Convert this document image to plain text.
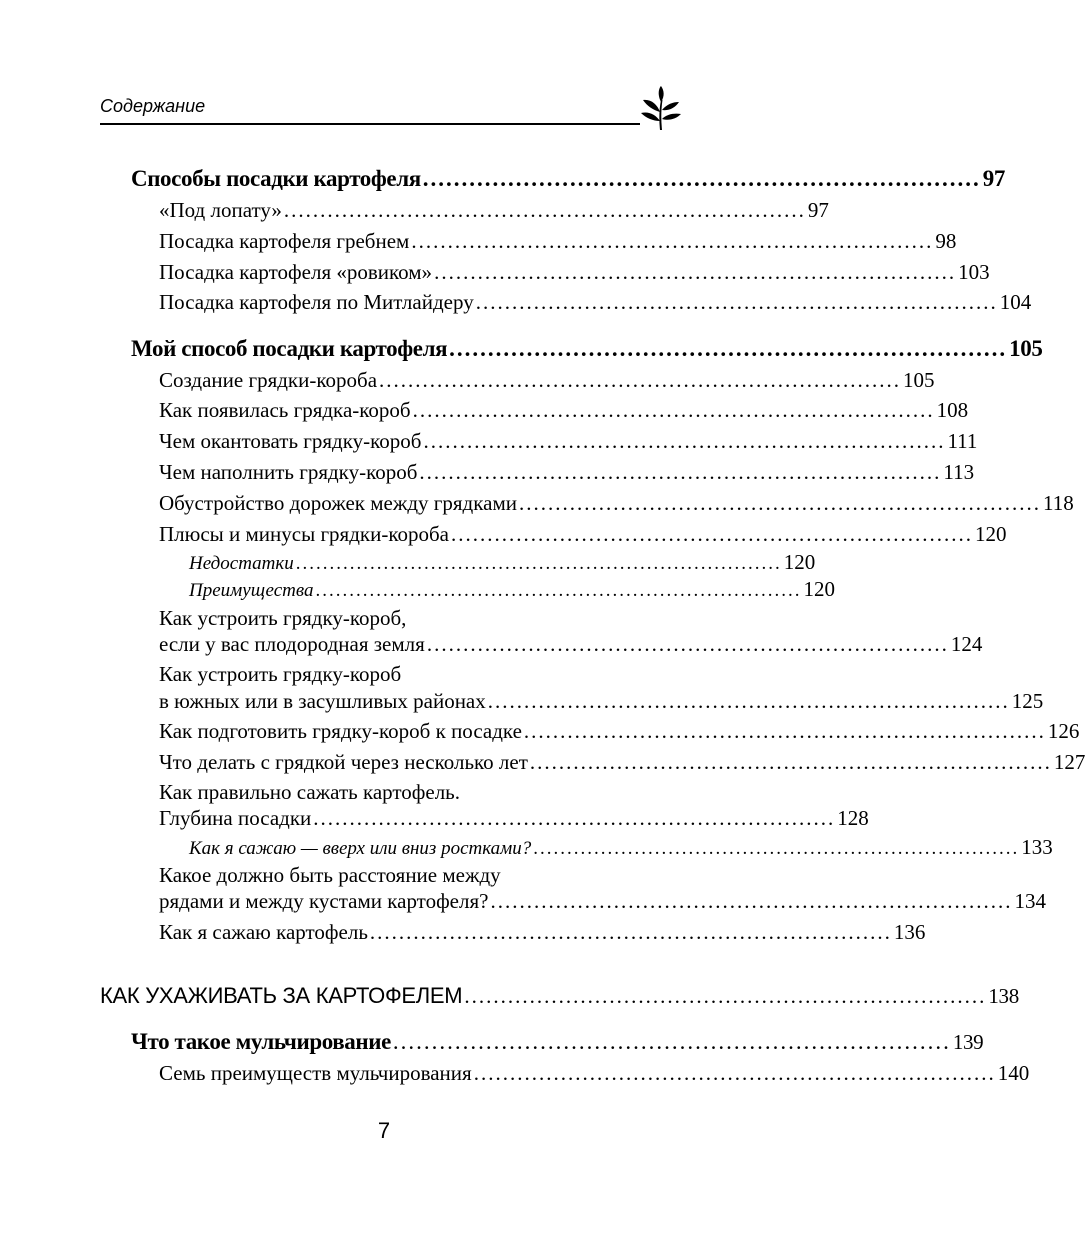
Содержание
Способы посадки картофеля ........................................................................ 97
«Под лопату» ........................................................................ 97
Посадка картофеля гребнем ........................................................................ 98
Посадка картофеля «ровиком» ........................................................................ 103
Посадка картофеля по Митлайдеру ........................................................................ 104
Мой способ посадки картофеля ........................................................................ 105
Создание грядки-короба ........................................................................ 105
Как появилась грядка-короб ........................................................................ 108
Чем окантовать грядку-короб ........................................................................ 111
Чем наполнить грядку-короб ........................................................................ 113
Обустройство дорожек между грядками ........................................................................ 118
Плюсы и минусы грядки-короба ........................................................................ 120
Недостатки ........................................................................ 120
Преимущества ........................................................................ 120
Как устроить грядку-короб,
если у вас плодородная земля ........................................................................ 124
Как устроить грядку-короб
в южных или в засушливых районах ........................................................................ 125
Как подготовить грядку-короб к посадке ........................................................................ 126
Что делать с грядкой через несколько лет ........................................................................ 127
Как правильно сажать картофель.
Глубина посадки ........................................................................ 128
Как я сажаю — вверх или вниз ростками? ........................................................................ 133
Какое должно быть расстояние между
рядами и между кустами картофеля? ........................................................................ 134
Как я сажаю картофель ........................................................................ 136
КАК УХАЖИВАТЬ ЗА КАРТОФЕЛЕМ ........................................................................ 138
Что такое мульчирование ........................................................................ 139
Семь преимуществ мульчирования ........................................................................ 140
7
